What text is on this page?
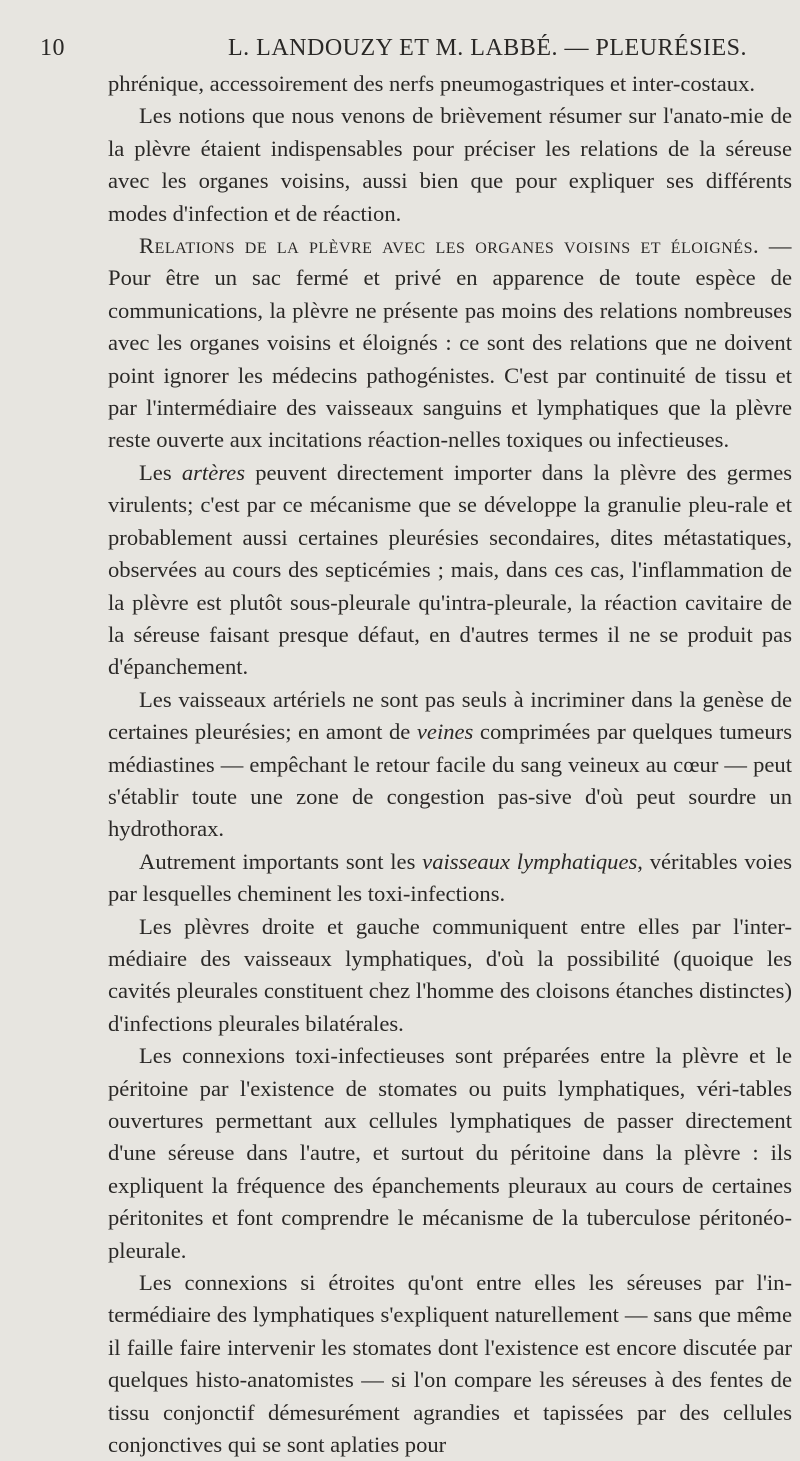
10	L. LANDOUZY ET M. LABBÉ. — PLEURÉSIES.

phrénique, accessoirement des nerfs pneumogastriques et inter-costaux.

Les notions que nous venons de brièvement résumer sur l'anato-mie de la plèvre étaient indispensables pour préciser les relations de la séreuse avec les organes voisins, aussi bien que pour expliquer ses différents modes d'infection et de réaction.

Relations de la plèvre avec les organes voisins et éloignés. — Pour être un sac fermé et privé en apparence de toute espèce de communications, la plèvre ne présente pas moins des relations nombreuses avec les organes voisins et éloignés : ce sont des relations que ne doivent point ignorer les médecins pathogénistes. C'est par continuité de tissu et par l'intermédiaire des vaisseaux sanguins et lymphatiques que la plèvre reste ouverte aux incitations réaction-nelles toxiques ou infectieuses.

Les artères peuvent directement importer dans la plèvre des germes virulents; c'est par ce mécanisme que se développe la granulie pleu-rale et probablement aussi certaines pleurésies secondaires, dites métastatiques, observées au cours des septicémies ; mais, dans ces cas, l'inflammation de la plèvre est plutôt sous-pleurale qu'intra-pleurale, la réaction cavitaire de la séreuse faisant presque défaut, en d'autres termes il ne se produit pas d'épanchement.

Les vaisseaux artériels ne sont pas seuls à incriminer dans la genèse de certaines pleurésies; en amont de veines comprimées par quelques tumeurs médiastines — empêchant le retour facile du sang veineux au cœur — peut s'établir toute une zone de congestion pas-sive d'où peut sourdre un hydrothorax.

Autrement importants sont les vaisseaux lymphatiques, véritables voies par lesquelles cheminent les toxi-infections.

Les plèvres droite et gauche communiquent entre elles par l'inter-médiaire des vaisseaux lymphatiques, d'où la possibilité (quoique les cavités pleurales constituent chez l'homme des cloisons étanches distinctes) d'infections pleurales bilatérales.

Les connexions toxi-infectieuses sont préparées entre la plèvre et le péritoine par l'existence de stomates ou puits lymphatiques, véri-tables ouvertures permettant aux cellules lymphatiques de passer directement d'une séreuse dans l'autre, et surtout du péritoine dans la plèvre : ils expliquent la fréquence des épanchements pleuraux au cours de certaines péritonites et font comprendre le mécanisme de la tuberculose péritonéo-pleurale.

Les connexions si étroites qu'ont entre elles les séreuses par l'in-termédiaire des lymphatiques s'expliquent naturellement — sans que même il faille faire intervenir les stomates dont l'existence est encore discutée par quelques histo-anatomistes — si l'on compare les séreuses à des fentes de tissu conjonctif démesurément agrandies et tapissées par des cellules conjonctives qui se sont aplaties pour
